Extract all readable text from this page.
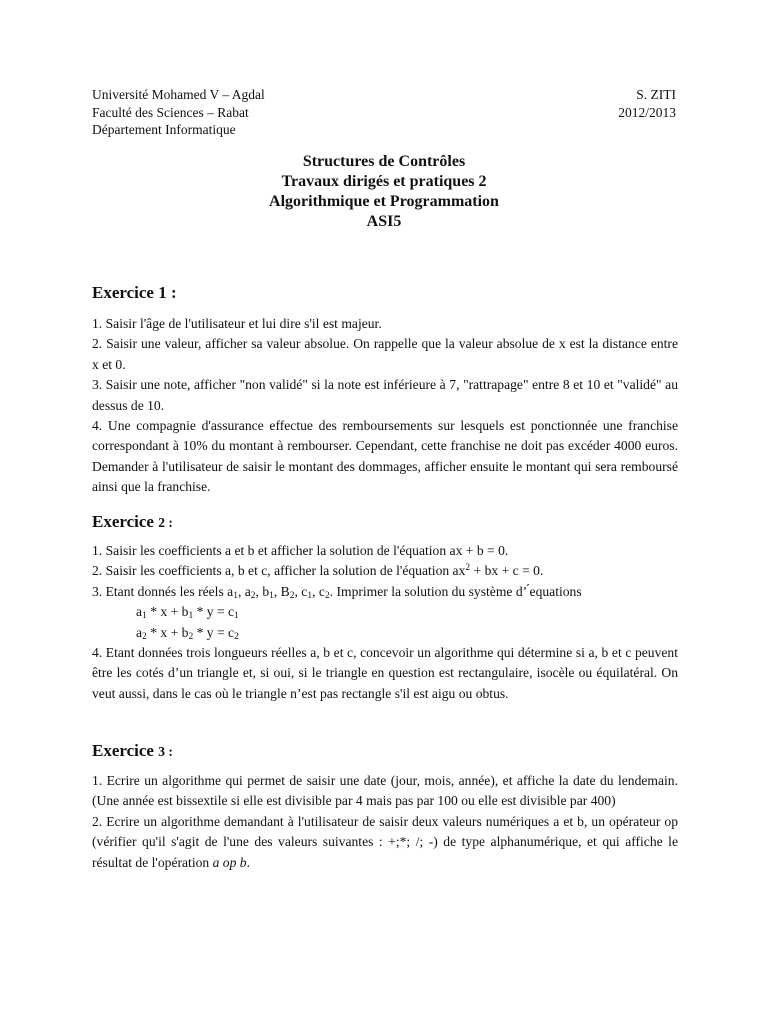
Université Mohamed V – Agdal
Faculté des Sciences – Rabat
Département Informatique
S. ZITI
2012/2013
Structures de Contrôles
Travaux dirigés et pratiques 2
Algorithmique et Programmation
ASI5
Exercice 1 :

1. Saisir l'âge de l'utilisateur et lui dire s'il est majeur.

2. Saisir une valeur, afficher sa valeur absolue. On rappelle que la valeur absolue de x est la distance entre x et 0.

3. Saisir une note, afficher "non validé" si la note est inférieure à 7, "rattrapage" entre 8 et 10 et "validé" au dessus de 10.

4. Une compagnie d'assurance effectue des remboursements sur lesquels est ponctionnée une franchise correspondant à 10% du montant à rembourser. Cependant, cette franchise ne doit pas excéder 4000 euros. Demander à l'utilisateur de saisir le montant des dommages, afficher ensuite le montant qui sera remboursé ainsi que la franchise.

Exercice 2 :

1. Saisir les coefficients a et b et afficher la solution de l'équation ax + b = 0.

2. Saisir les coefficients a, b et c, afficher la solution de l'équation $ax^2$ + bx + c = 0.

3. Etant donnés les réels $a_1$, $a_2$, $b_1$, $B_2$, $c_1$, $c_2$. Imprimer la solution du système d’ ́equations

$a_1 * x + b_1 * y = c_1$

$a_2 * x + b_2 * y = c_2$

4. Etant données trois longueurs réelles a, b et c, concevoir un algorithme qui détermine si a, b et c peuvent être les cotés d’un triangle et, si oui, si le triangle en question est rectangulaire, isocèle ou équilatéral. On veut aussi, dans le cas où le triangle n’est pas rectangle s'il est aigu ou obtus.

Exercice 3 :

1. Ecrire un algorithme qui permet de saisir une date (jour, mois, année), et affiche la date du lendemain. (Une année est bissextile si elle est divisible par 4 mais pas par 100 ou elle est divisible par 400)

2. Ecrire un algorithme demandant à l'utilisateur de saisir deux valeurs numériques a et b, un opérateur op (vérifier qu'il s'agit de l'une des valeurs suivantes : +;*; /; -) de type alphanumérique, et qui affiche le résultat de l'opération a op b.
